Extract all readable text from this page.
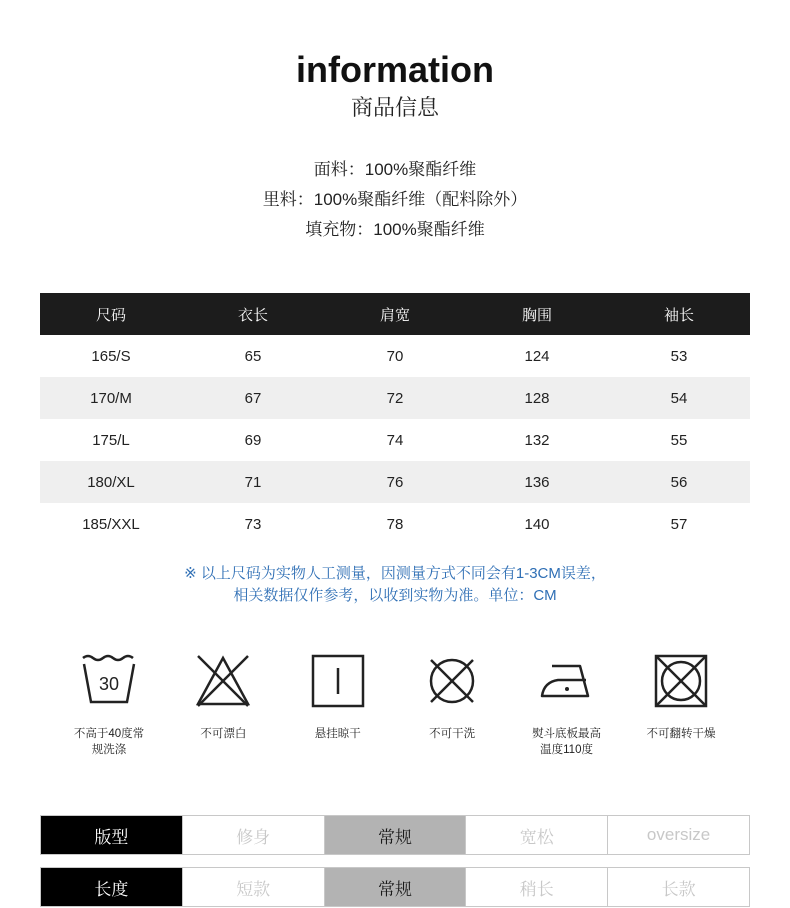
information
商品信息
面料：100%聚酯纤维
里料：100%聚酯纤维（配料除外）
填充物：100%聚酯纤维
尺码	衣长	肩宽	胸围	袖长
165/S	65	70	124	53
170/M	67	72	128	54
175/L	69	74	132	55
180/XL	71	76	136	56
185/XXL	73	78	140	57
※ 以上尺码为实物人工测量，因测量方式不同会有1-3CM误差，
相关数据仅作参考，以收到实物为准。单位：CM
30
不高于40度常规洗涤
不可漂白	悬挂晾干	不可干洗	熨斗底板最高温度110度
不可翻转干燥
版型	修身	常规	宽松	oversize
长度	短款	常规	稍长	长款
